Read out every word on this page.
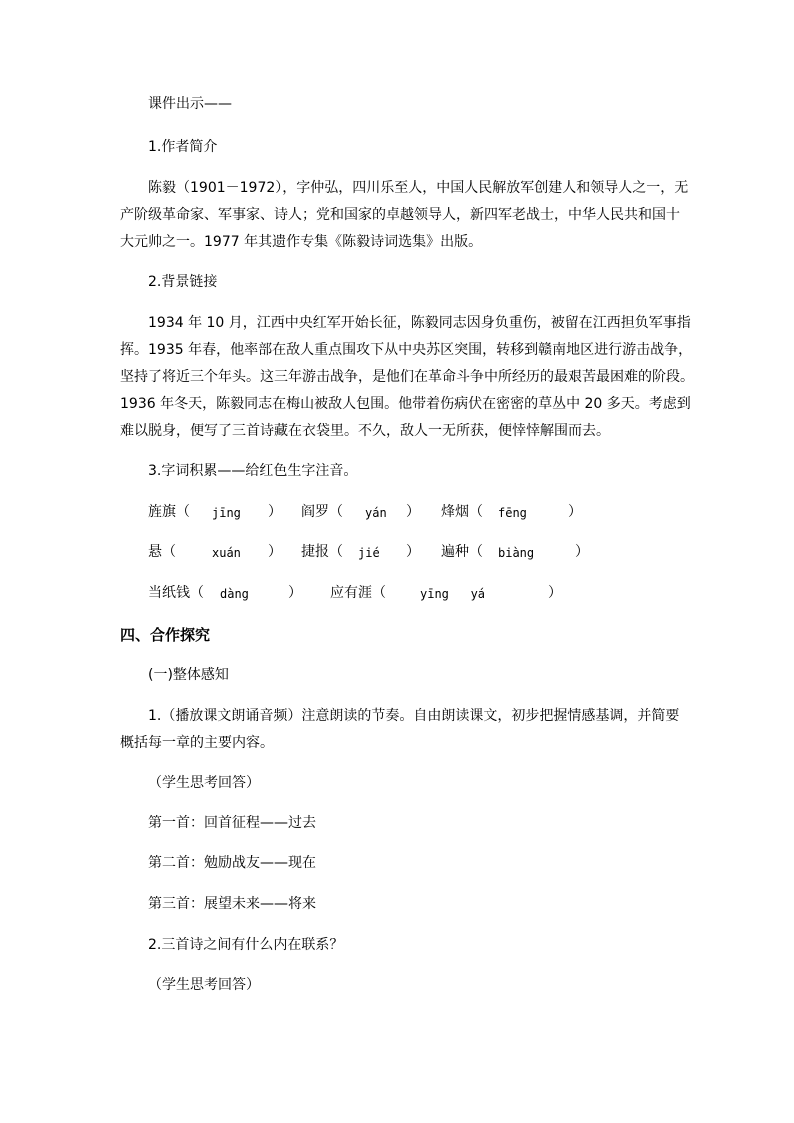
课件出示——
1.作者简介
陈毅（1901－1972），字仲弘，四川乐至人，中国人民解放军创建人和领导人之一，无
产阶级革命家、军事家、诗人；党和国家的卓越领导人，新四军老战士，中华人民共和国十
大元帅之一。1977 年其遗作专集《陈毅诗词选集》出版。
2.背景链接
1934 年 10 月，江西中央红军开始长征，陈毅同志因身负重伤，被留在江西担负军事指
挥。1935 年春，他率部在敌人重点围攻下从中央苏区突围，转移到赣南地区进行游击战争，
坚持了将近三个年头。这三年游击战争，是他们在革命斗争中所经历的最艰苦最困难的阶段。
1936 年冬天，陈毅同志在梅山被敌人包围。他带着伤病伏在密密的草丛中 20 多天。考虑到
难以脱身，便写了三首诗藏在衣袋里。不久，敌人一无所获，便悻悻解围而去。
3.字词积累——给红色生字注音。
旌旗（ jīng ） 阎罗（ yán ） 烽烟（ fēng	）
悬（	xuán ） 捷报（ jié ） 遍种（ biàng	）
当纸钱（ dàng	） 应有涯（	yīng   yá	）
四、合作探究
(一)整体感知
1.（播放课文朗诵音频）注意朗读的节奏。自由朗读课文，初步把握情感基调，并简要
概括每一章的主要内容。
（学生思考回答）
第一首：回首征程——过去
第二首：勉励战友——现在
第三首：展望未来——将来
2.三首诗之间有什么内在联系？
（学生思考回答）
